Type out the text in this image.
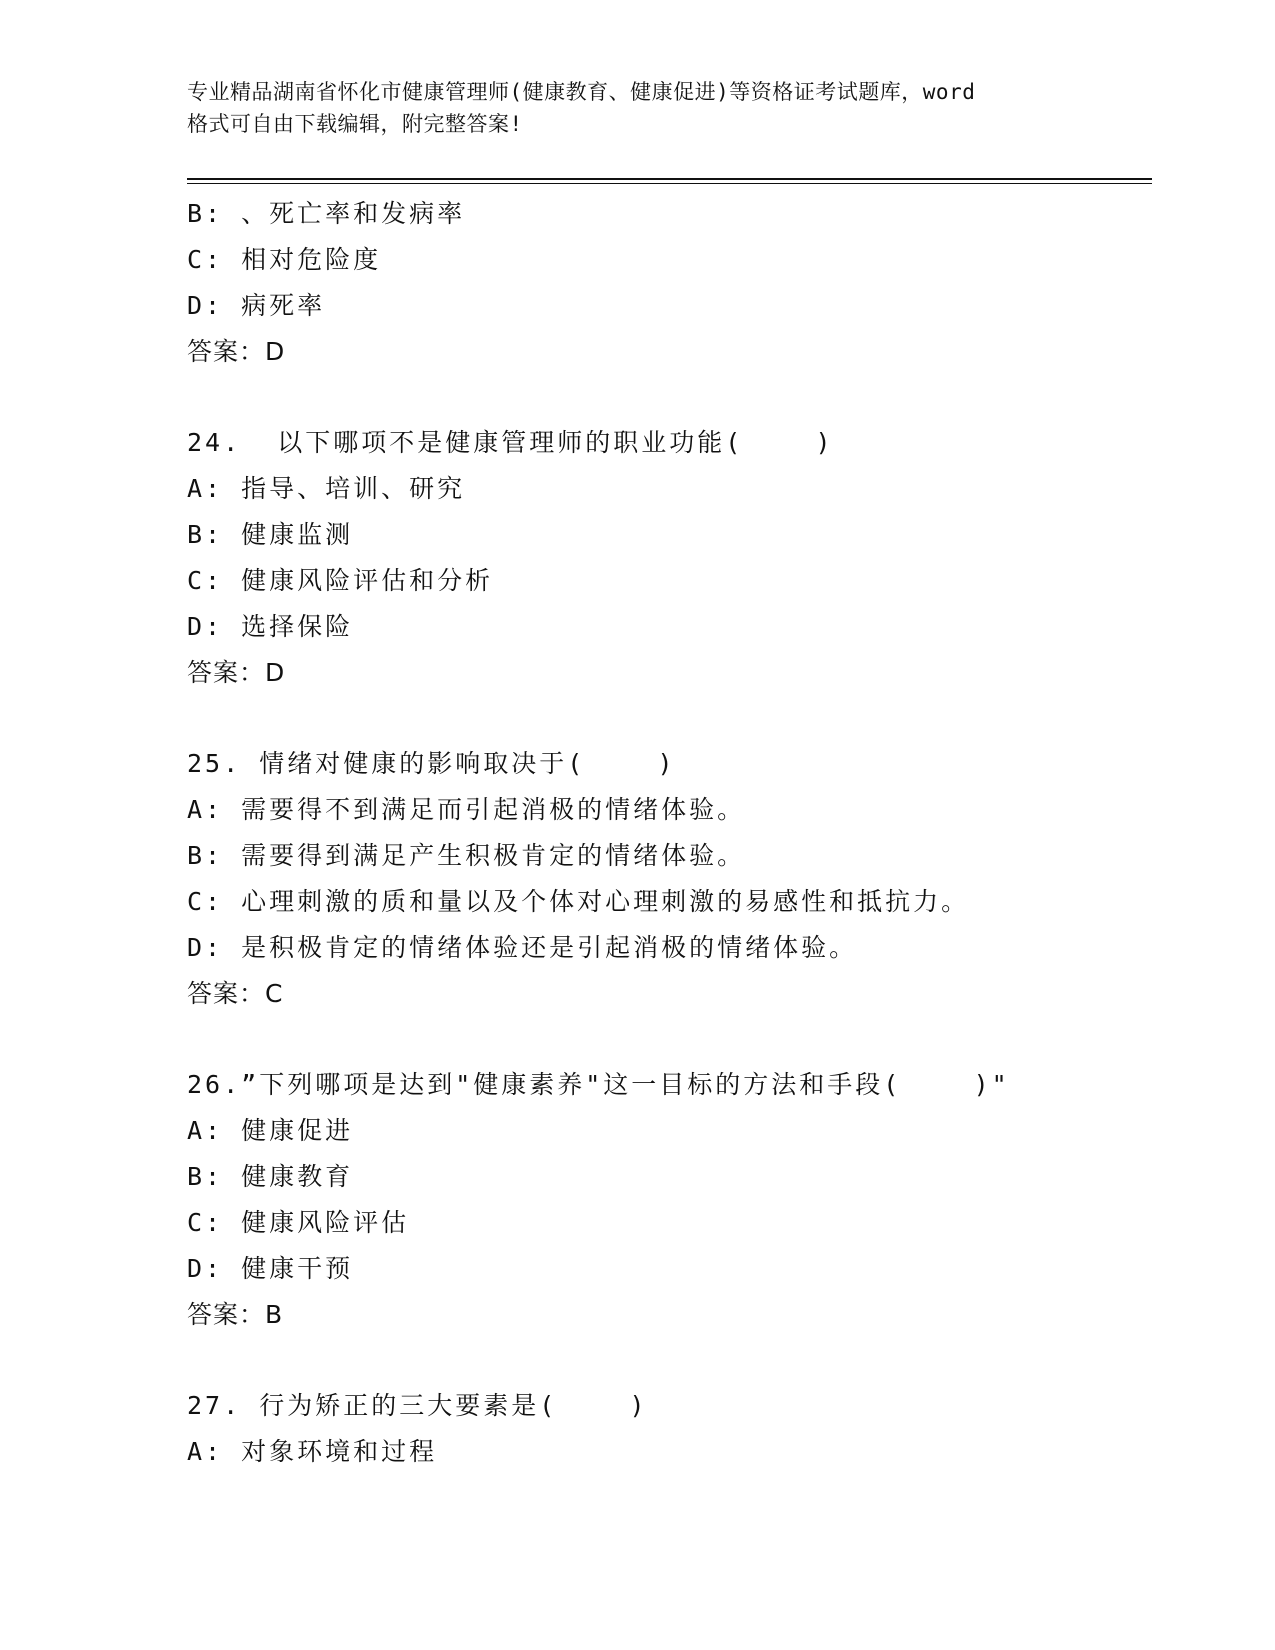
专业精品湖南省怀化市健康管理师(健康教育、健康促进)等资格证考试题库，word
格式可自由下载编辑，附完整答案!
B: 、死亡率和发病率
C: 相对危险度
D: 病死率
答案：D
24.  以下哪项不是健康管理师的职业功能(    )
A: 指导、培训、研究
B: 健康监测
C: 健康风险评估和分析
D: 选择保险
答案：D
25. 情绪对健康的影响取决于(    )
A: 需要得不到满足而引起消极的情绪体验。
B: 需要得到满足产生积极肯定的情绪体验。
C: 心理刺激的质和量以及个体对心理刺激的易感性和抵抗力。
D: 是积极肯定的情绪体验还是引起消极的情绪体验。
答案：C
26.”下列哪项是达到"健康素养"这一目标的方法和手段(    )"
A: 健康促进
B: 健康教育
C: 健康风险评估
D: 健康干预
答案：B
27. 行为矫正的三大要素是(    )
A: 对象环境和过程
